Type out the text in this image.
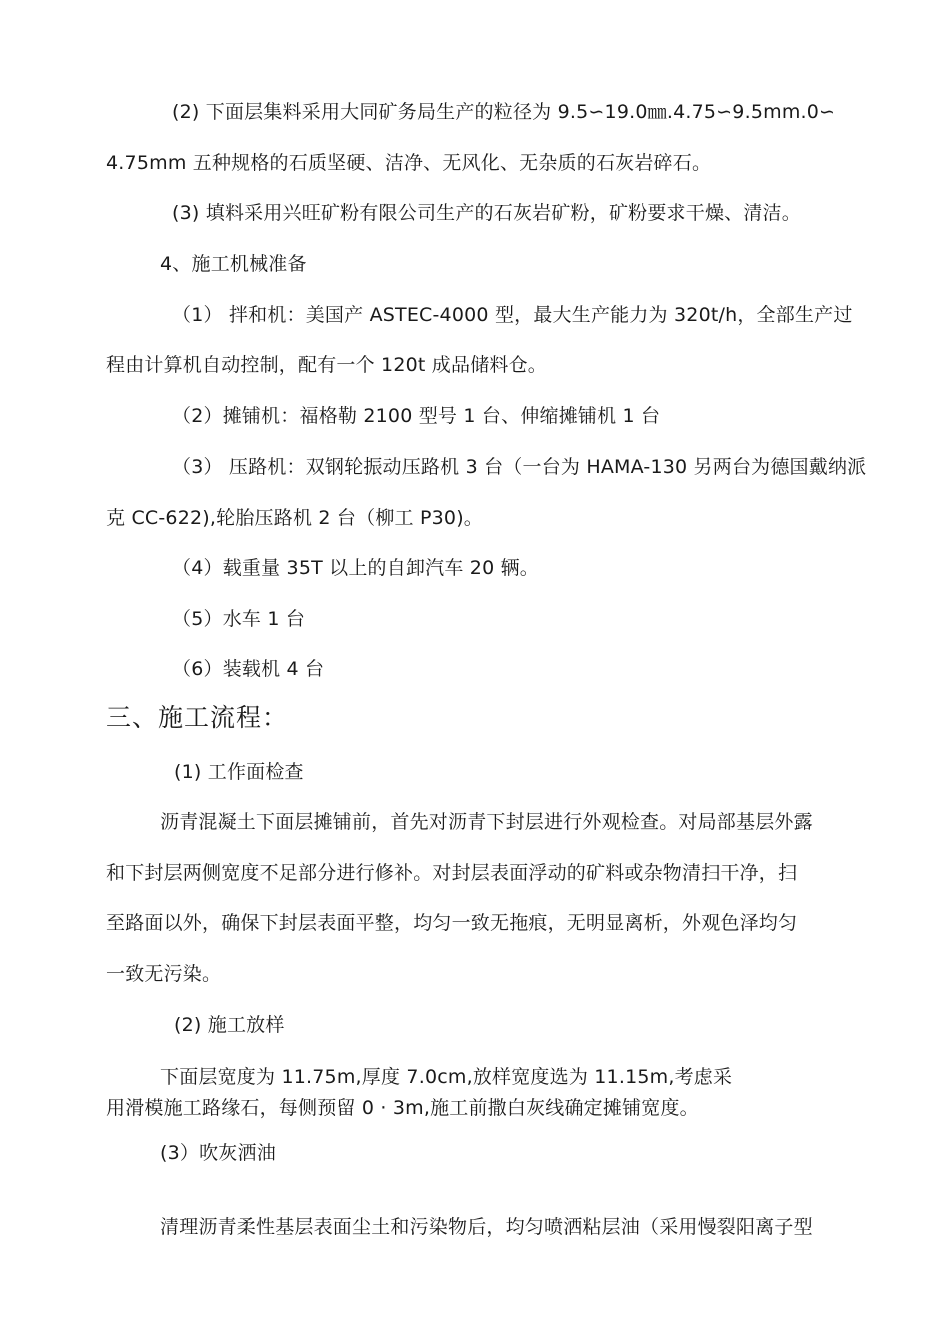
(2) 下面层集料采用大同矿务局生产的粒径为 9.5∽19.0㎜.4.75∽9.5mm.0∽
4.75mm 五种规格的石质坚硬、洁净、无风化、无杂质的石灰岩碎石。
(3) 填料采用兴旺矿粉有限公司生产的石灰岩矿粉，矿粉要求干燥、清洁。
4、施工机械准备
（1） 拌和机：美国产 ASTEC-4000 型，最大生产能力为 320t/h，全部生产过
程由计算机自动控制，配有一个 120t 成品储料仓。
（2）摊铺机：福格勒 2100 型号 1 台、伸缩摊铺机 1 台
（3） 压路机：双钢轮振动压路机 3 台（一台为 HAMA-130 另两台为德国戴纳派
克 CC-622),轮胎压路机 2 台（柳工 P30)。
（4）载重量 35T 以上的自卸汽车 20 辆。
（5）水车 1 台
（6）装载机 4 台
三、施工流程：
(1) 工作面检查
沥青混凝土下面层摊铺前，首先对沥青下封层进行外观检查。对局部基层外露
和下封层两侧宽度不足部分进行修补。对封层表面浮动的矿料或杂物清扫干净，扫
至路面以外，确保下封层表面平整，均匀一致无拖痕，无明显离析，外观色泽均匀
一致无污染。
(2) 施工放样
下面层宽度为 11.75m,厚度 7.0cm,放样宽度选为 11.15m,考虑采
用滑模施工路缘石，每侧预留 0 · 3m,施工前撒白灰线确定摊铺宽度。
(3）吹灰洒油
清理沥青柔性基层表面尘土和污染物后，均匀喷洒粘层油（采用慢裂阳离子型
